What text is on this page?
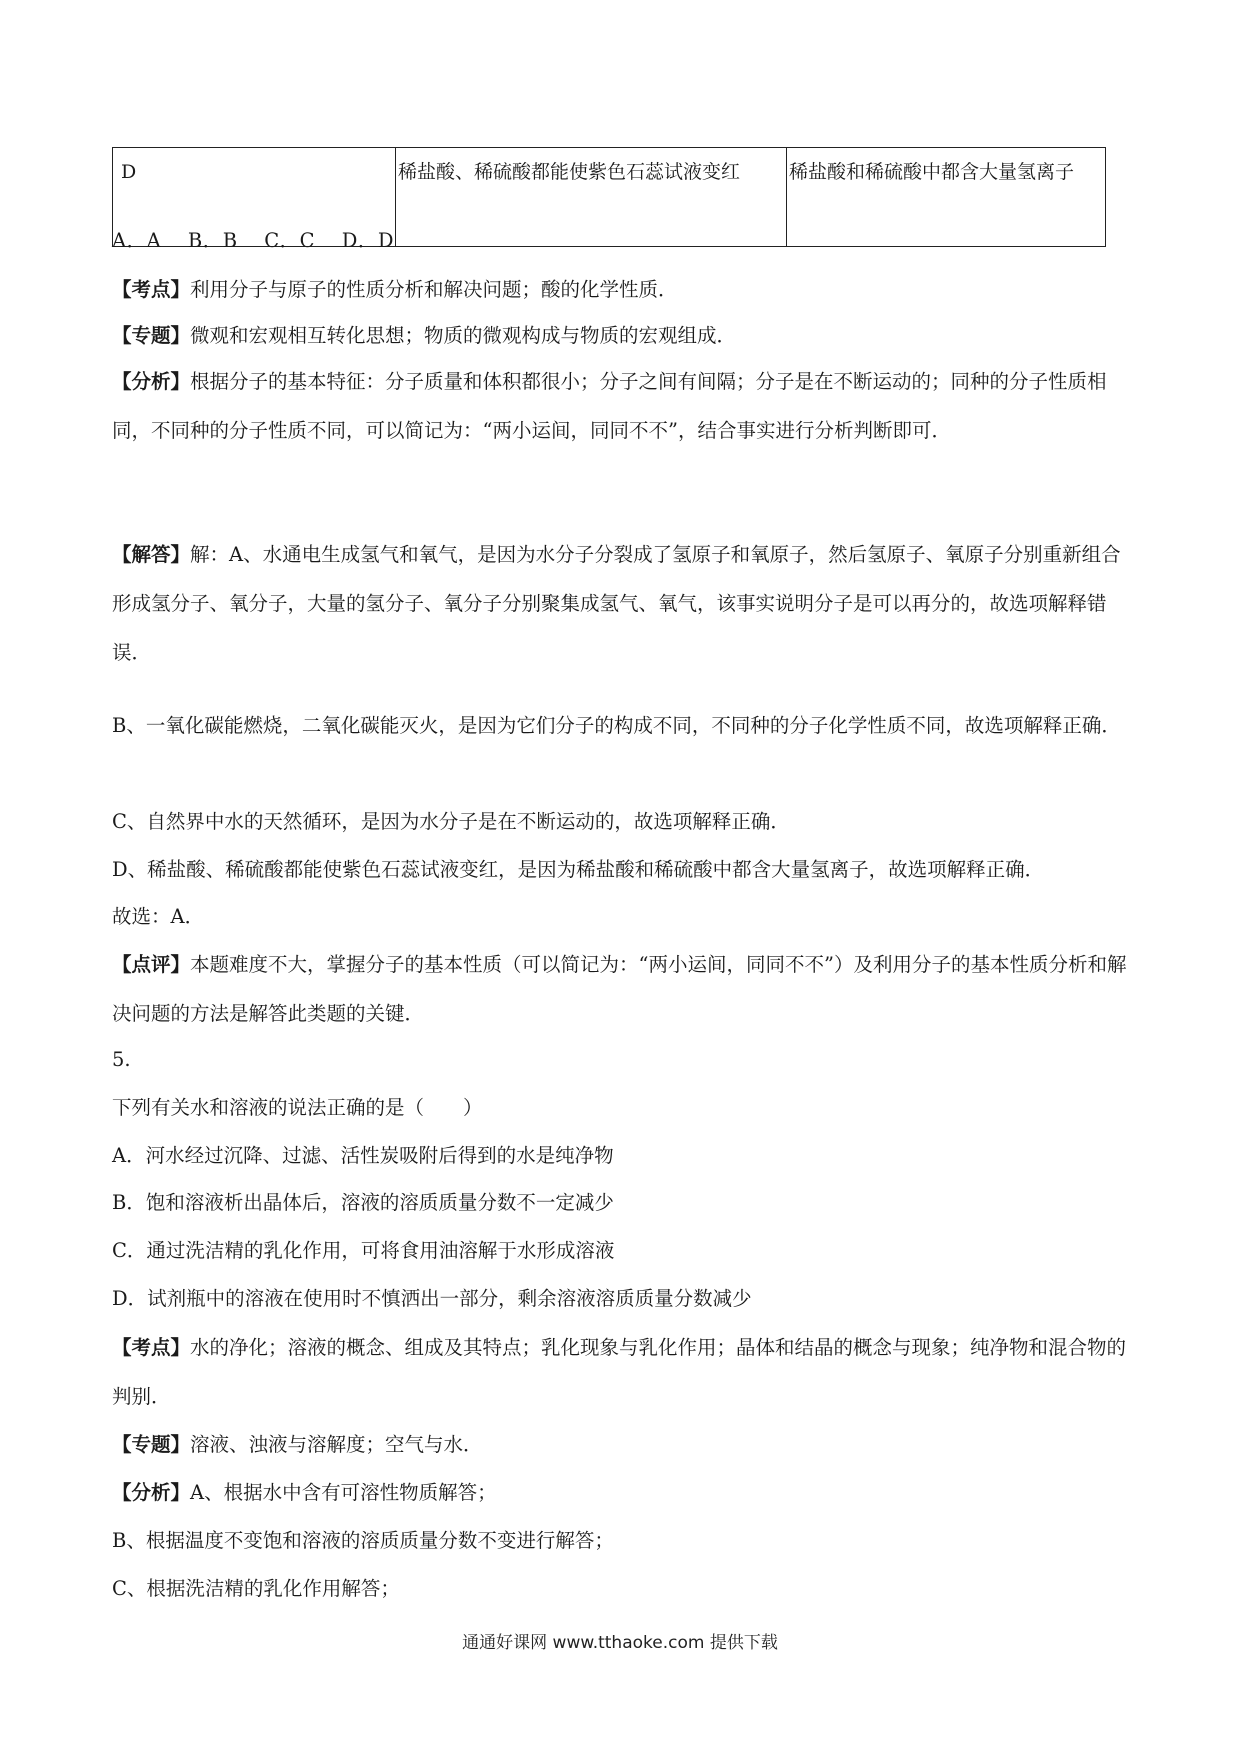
D	稀盐酸、稀硫酸都能使紫色石蕊试液变红	稀盐酸和稀硫酸中都含大量氢离子

A．A　 B．B　 C．C　 D．D

【考点】利用分子与原子的性质分析和解决问题；酸的化学性质．

【专题】微观和宏观相互转化思想；物质的微观构成与物质的宏观组成．

【分析】根据分子的基本特征：分子质量和体积都很小；分子之间有间隔；分子是在不断运动的；同种的分子性质相同，不同种的分子性质不同，可以简记为：“两小运间，同同不不”，结合事实进行分析判断即可．

【解答】解：A、水通电生成氢气和氧气，是因为水分子分裂成了氢原子和氧原子，然后氢原子、氧原子分别重新组合形成氢分子、氧分子，大量的氢分子、氧分子分别聚集成氢气、氧气，该事实说明分子是可以再分的，故选项解释错误．

B、一氧化碳能燃烧，二氧化碳能灭火，是因为它们分子的构成不同，不同种的分子化学性质不同，故选项解释正确．

C、自然界中水的天然循环，是因为水分子是在不断运动的，故选项解释正确．

D、稀盐酸、稀硫酸都能使紫色石蕊试液变红，是因为稀盐酸和稀硫酸中都含大量氢离子，故选项解释正确．

故选：A．

【点评】本题难度不大，掌握分子的基本性质（可以简记为：“两小运间，同同不不”）及利用分子的基本性质分析和解决问题的方法是解答此类题的关键．

5.

下列有关水和溶液的说法正确的是（　　）

A．河水经过沉降、过滤、活性炭吸附后得到的水是纯净物

B．饱和溶液析出晶体后，溶液的溶质质量分数不一定减少

C．通过洗洁精的乳化作用，可将食用油溶解于水形成溶液

D．试剂瓶中的溶液在使用时不慎洒出一部分，剩余溶液溶质质量分数减少

【考点】水的净化；溶液的概念、组成及其特点；乳化现象与乳化作用；晶体和结晶的概念与现象；纯净物和混合物的判别．

【专题】溶液、浊液与溶解度；空气与水．

【分析】A、根据水中含有可溶性物质解答；

B、根据温度不变饱和溶液的溶质质量分数不变进行解答；

C、根据洗洁精的乳化作用解答；

通通好课网 www.tthaoke.com 提供下载
